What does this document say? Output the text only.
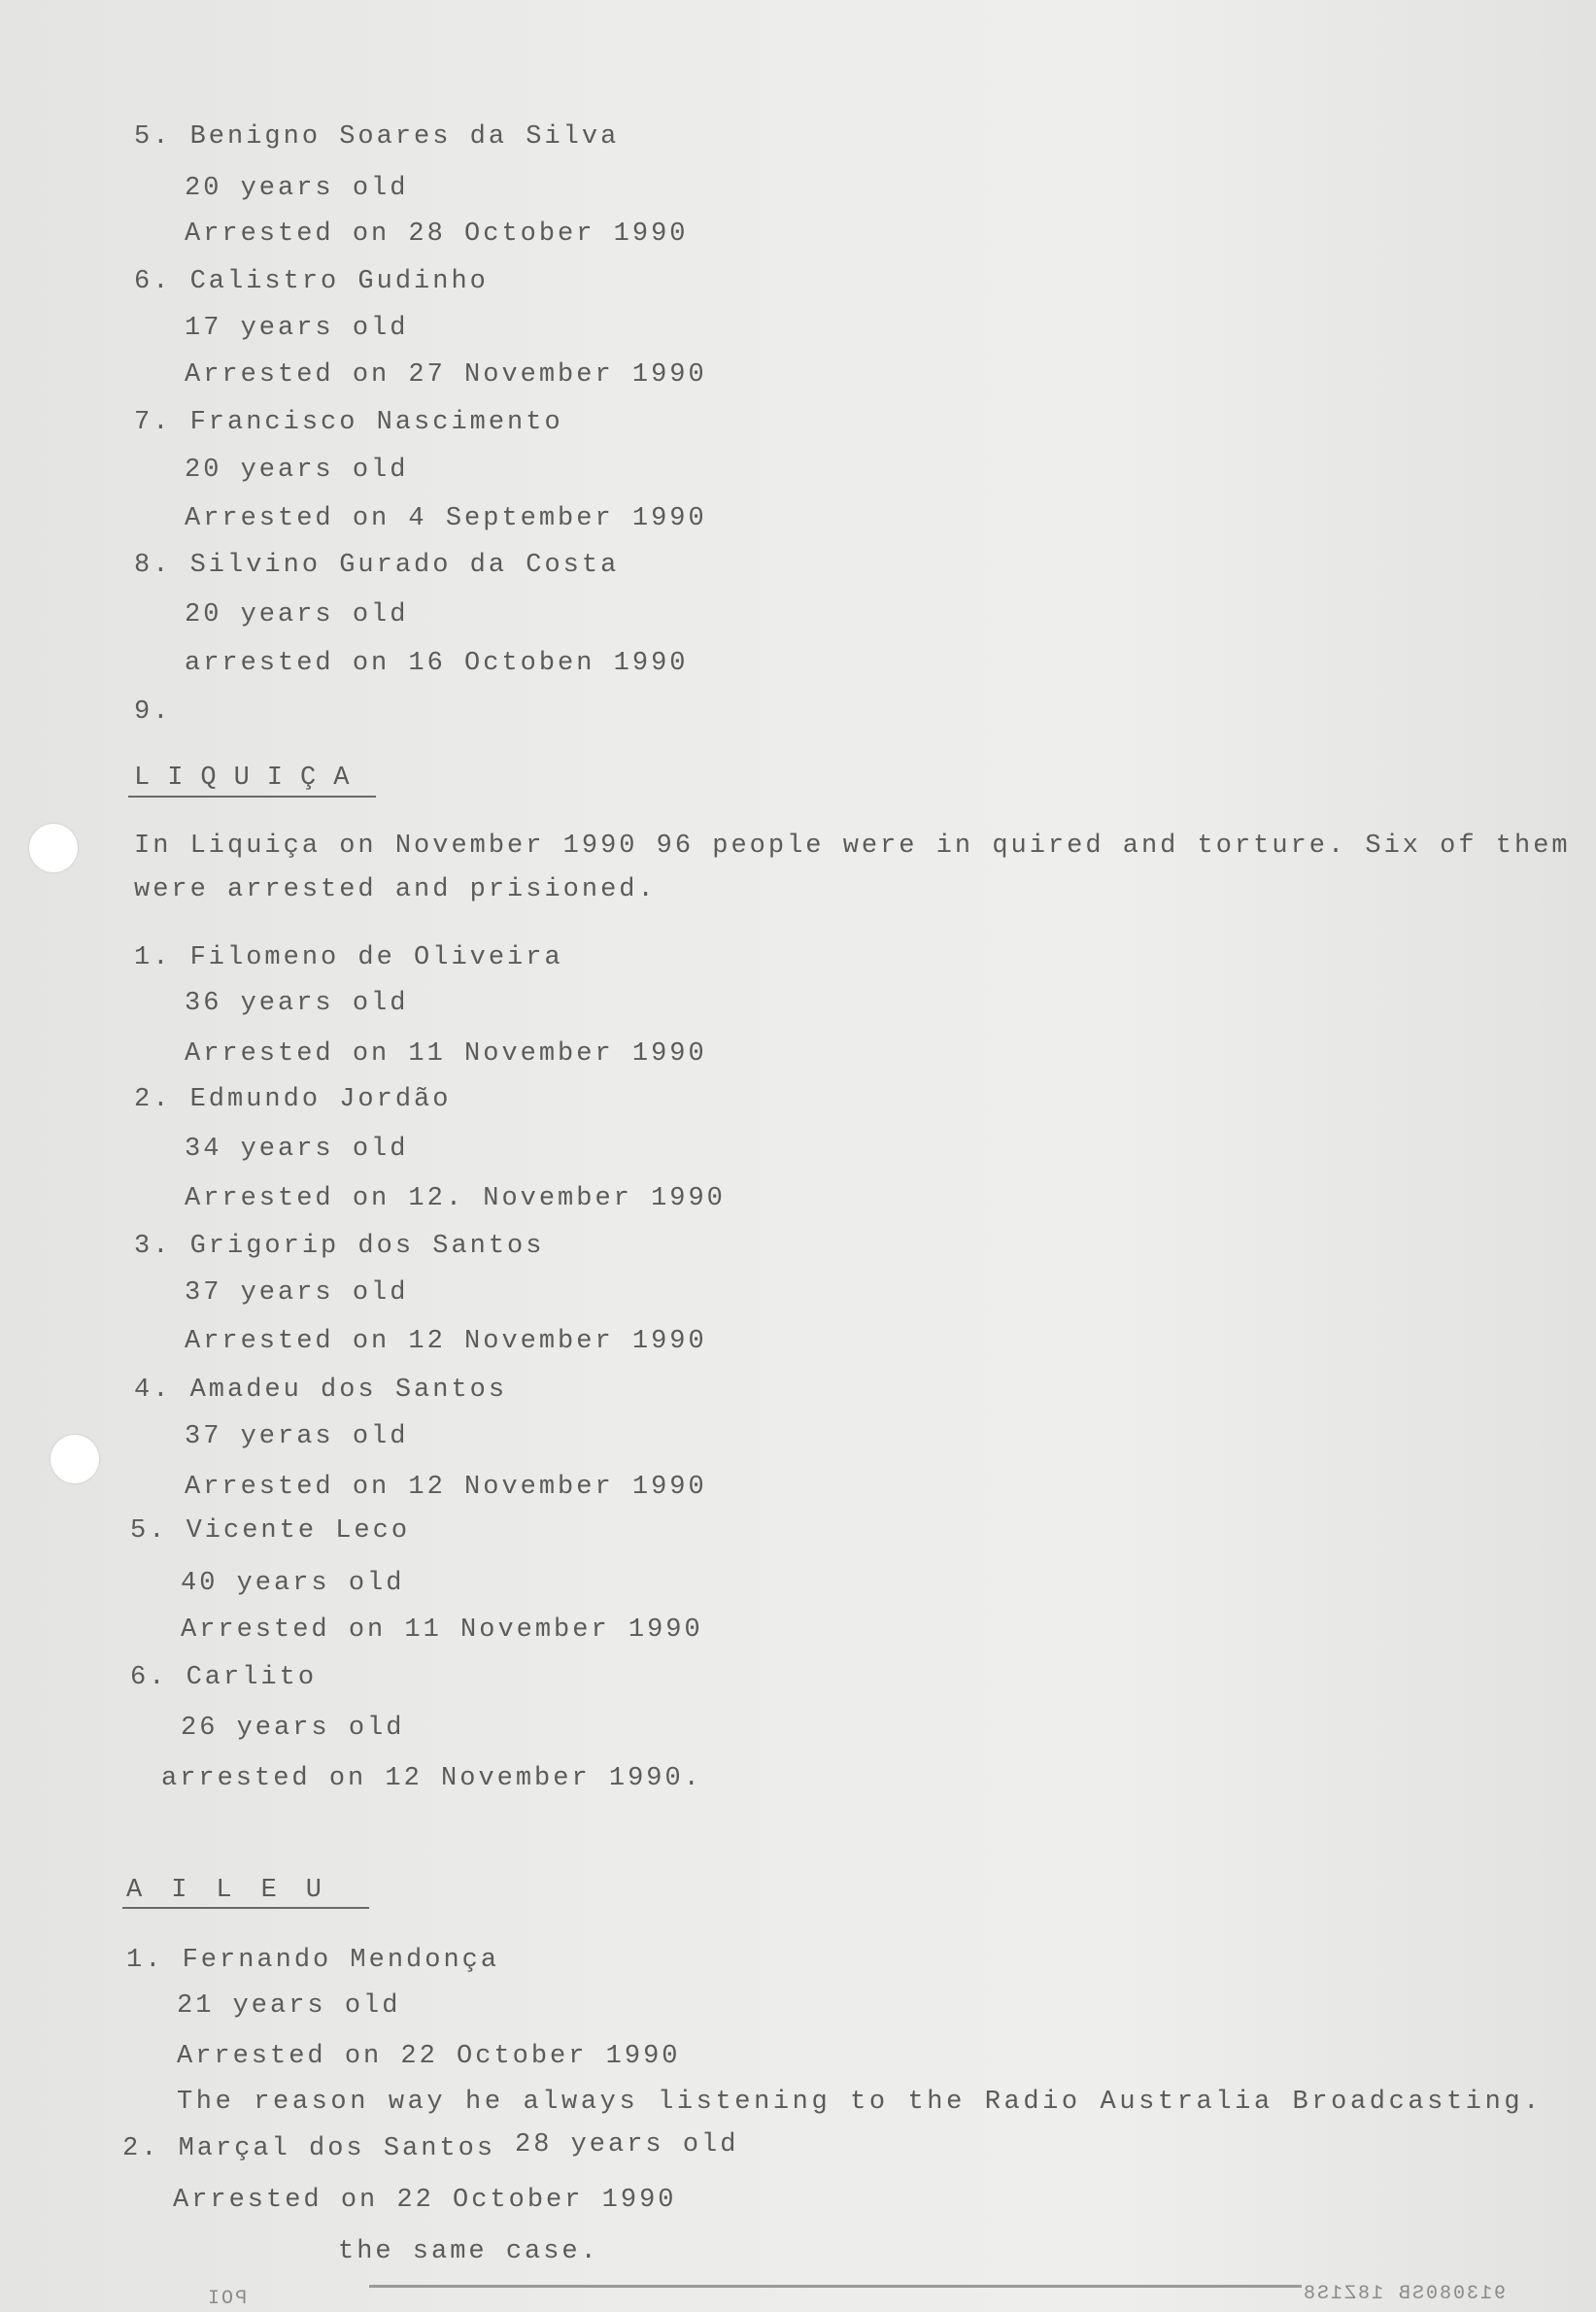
5. Benigno Soares da Silva
20 years old
Arrested on 28 October 1990
6. Calistro Gudinho
17 years old
Arrested on 27 November 1990
7. Francisco Nascimento
20 years old
Arrested on 4 September 1990
8. Silvino Gurado da Costa
20 years old
arrested on 16 Octoben 1990
9.
LIQUIÇA
In Liquiça on November 1990 96 people were in quired and torture. Six of them
were arrested and prisioned.
1. Filomeno de Oliveira
36 years old
Arrested on 11 November 1990
2. Edmundo Jordão
34 years old
Arrested on 12. November 1990
3. Grigorip dos Santos
37 years old
Arrested on 12 November 1990
4. Amadeu dos Santos
37 yeras old
Arrested on 12 November 1990
5. Vicente Leco
40 years old
Arrested on 11 November 1990
6. Carlito
26 years old
arrested on 12 November 1990.
AILEU
1. Fernando Mendonça
21 years old
Arrested on 22 October 1990
The reason way he always listening to the Radio Australia Broadcasting.
2. Marçal dos Santos 28 years old
Arrested on 22 October 1990
the same case.
POI	913080SB 18Z1S8
